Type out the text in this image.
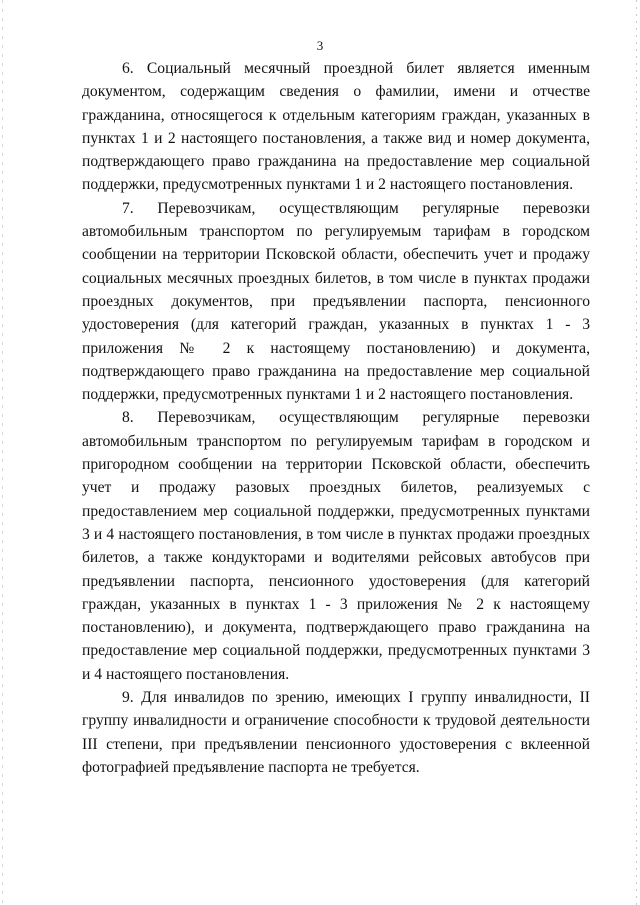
3

6. Социальный месячный проездной билет является именным документом, содержащим сведения о фамилии, имени и отчестве гражданина, относящегося к отдельным категориям граждан, указанных в пунктах 1 и 2 настоящего постановления, а также вид и номер документа, подтверждающего право гражданина на предоставление мер социальной поддержки, предусмотренных пунктами 1 и 2 настоящего постановления.

7. Перевозчикам, осуществляющим регулярные перевозки автомобильным транспортом по регулируемым тарифам в городском сообщении на территории Псковской области, обеспечить учет и продажу социальных месячных проездных билетов, в том числе в пунктах продажи проездных документов, при предъявлении паспорта, пенсионного удостоверения (для категорий граждан, указанных в пунктах 1 - 3 приложения № 2 к настоящему постановлению) и документа, подтверждающего право гражданина на предоставление мер социальной поддержки, предусмотренных пунктами 1 и 2 настоящего постановления.

8. Перевозчикам, осуществляющим регулярные перевозки автомобильным транспортом по регулируемым тарифам в городском и пригородном сообщении на территории Псковской области, обеспечить учет и продажу разовых проездных билетов, реализуемых с предоставлением мер социальной поддержки, предусмотренных пунктами 3 и 4 настоящего постановления, в том числе в пунктах продажи проездных билетов, а также кондукторами и водителями рейсовых автобусов при предъявлении паспорта, пенсионного удостоверения (для категорий граждан, указанных в пунктах 1 - 3 приложения № 2 к настоящему постановлению), и документа, подтверждающего право гражданина на предоставление мер социальной поддержки, предусмотренных пунктами 3 и 4 настоящего постановления.

9. Для инвалидов по зрению, имеющих I группу инвалидности, II группу инвалидности и ограничение способности к трудовой деятельности III степени, при предъявлении пенсионного удостоверения с вклеенной фотографией предъявление паспорта не требуется.
